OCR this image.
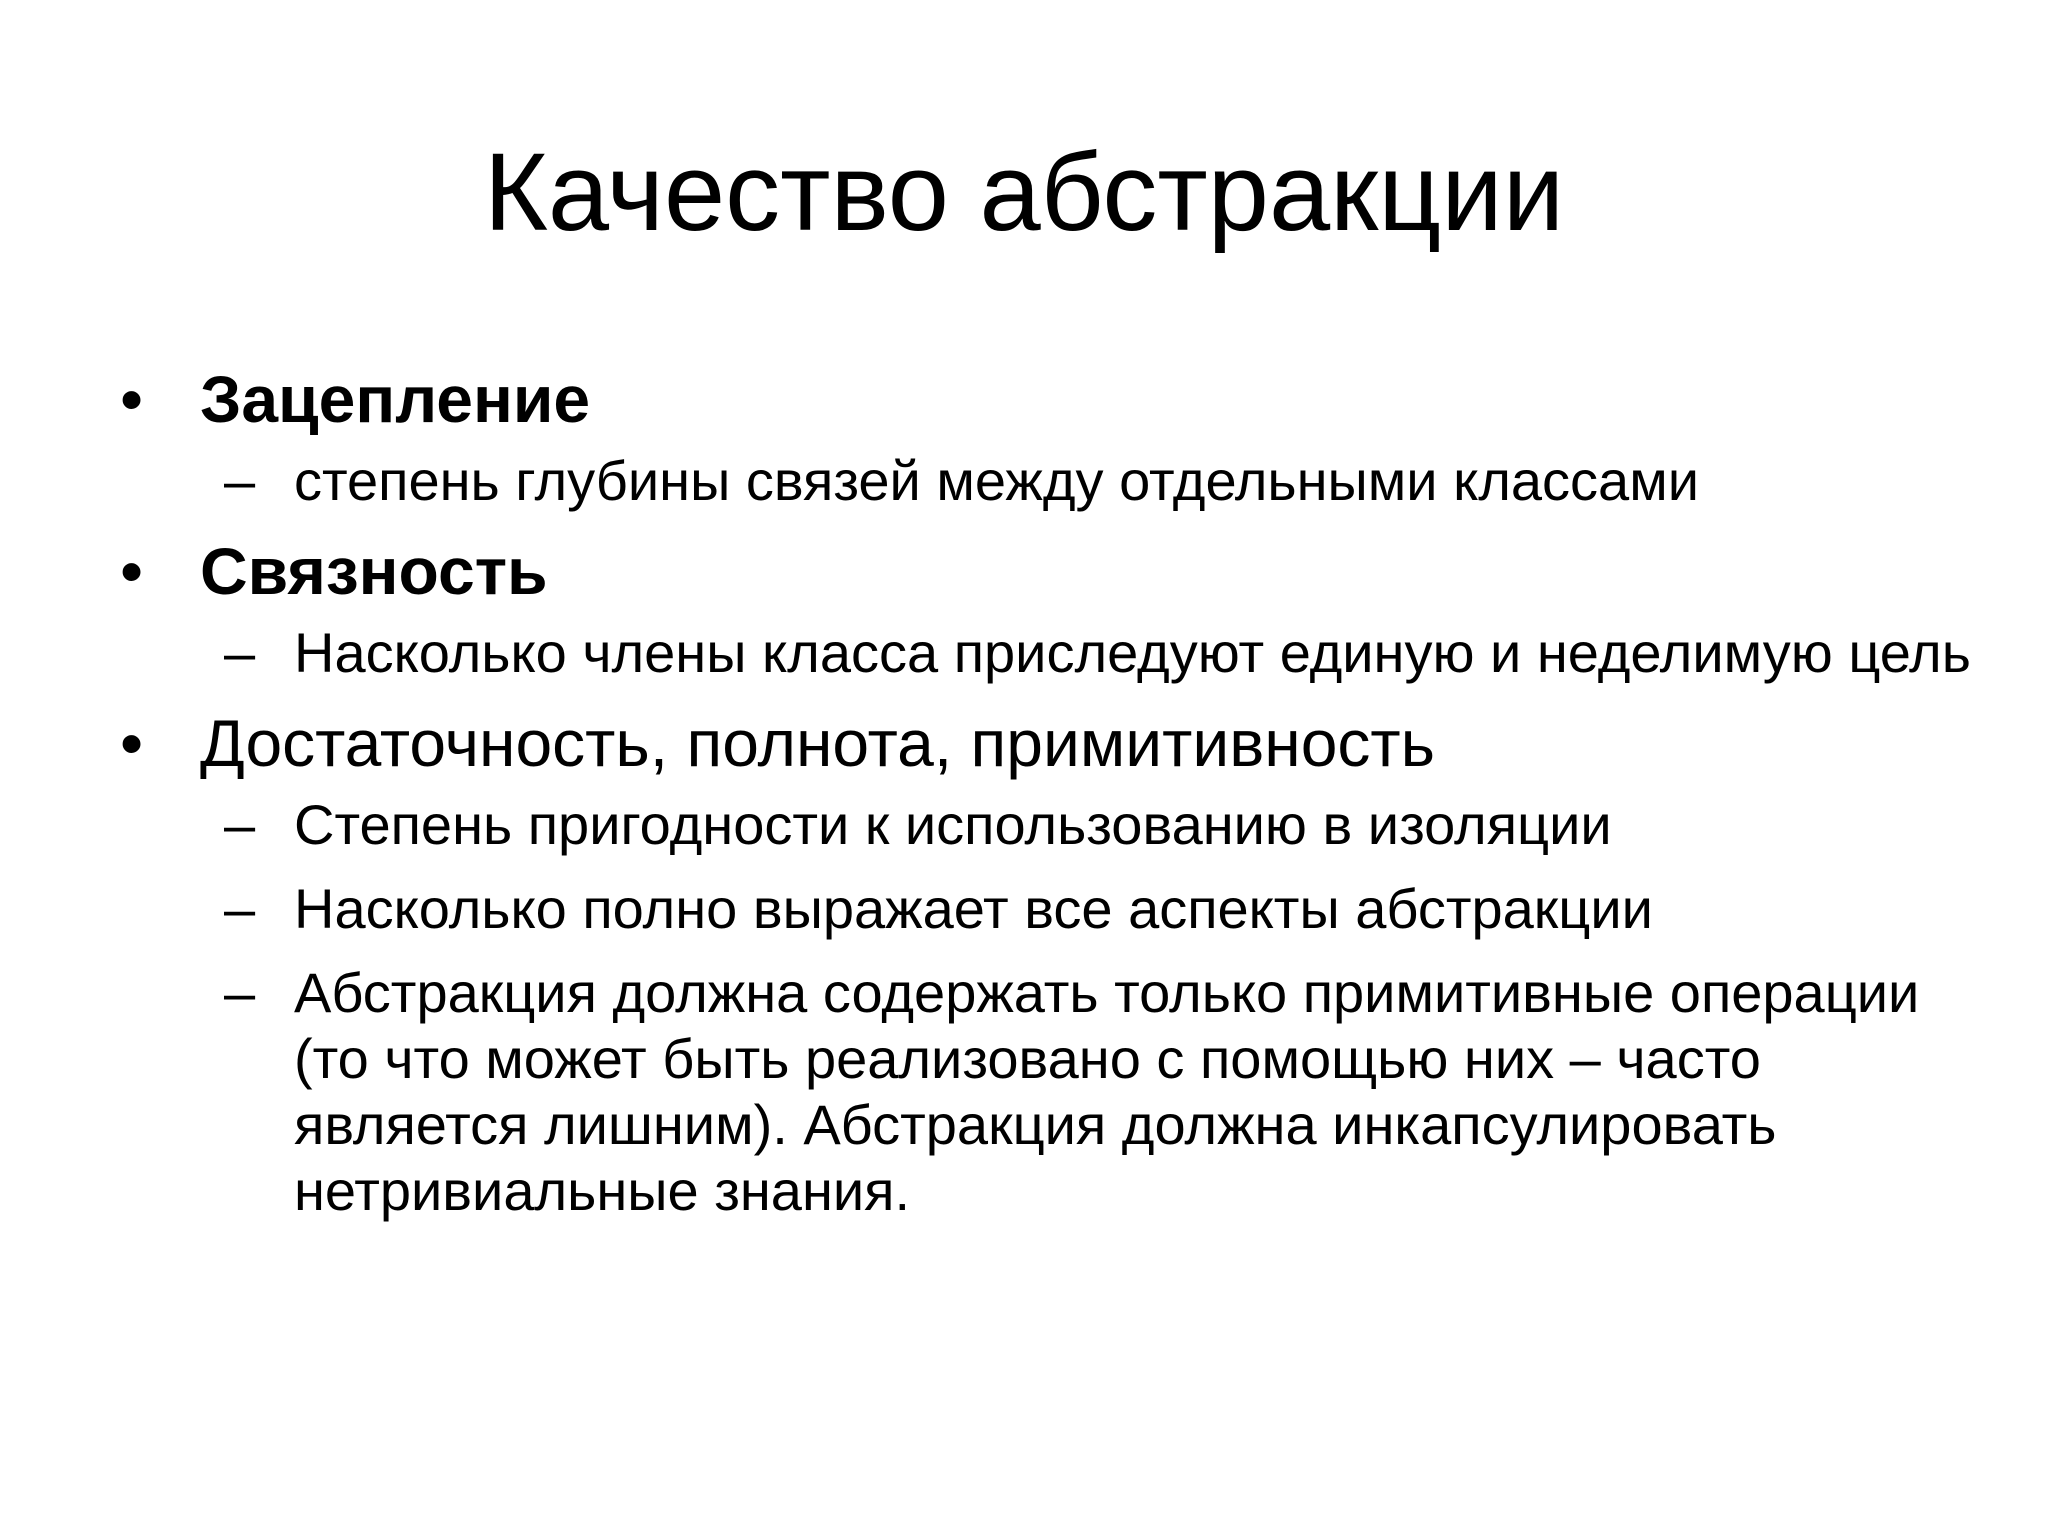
Качество абстракции
• Зацепление
– степень глубины связей между отдельными классами
• Связность
– Насколько члены класса приследуют единую и неделимую цель
• Достаточность, полнота, примитивность
– Степень пригодности к использованию в изоляции
– Насколько полно выражает все аспекты абстракции
– Абстракция должна содержать только примитивные операции (то что может быть реализовано с помощью них – часто является лишним). Абстракция должна инкапсулировать нетривиальные знания.
